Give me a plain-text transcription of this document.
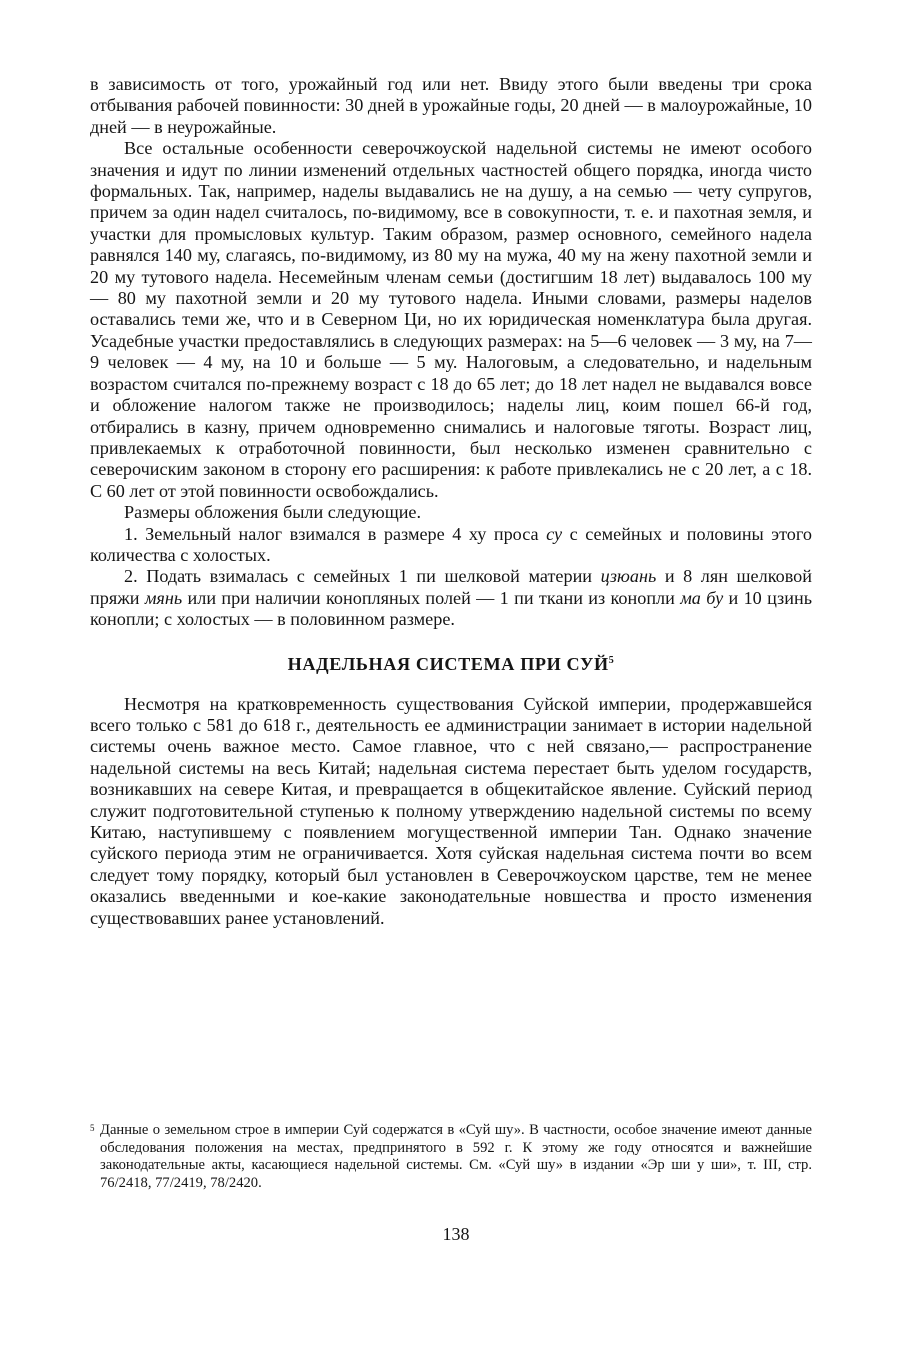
в зависимость от того, урожайный год или нет. Ввиду этого были введены три срока отбывания рабочей повинности: 30 дней в урожайные годы, 20 дней — в малоурожайные, 10 дней — в неурожайные.

Все остальные особенности северочжоуской надельной системы не имеют особого значения и идут по линии изменений отдельных частностей общего порядка, иногда чисто формальных. Так, например, наделы выдавались не на душу, а на семью — чету супругов, причем за один надел считалось, по-видимому, все в совокупности, т. е. и пахотная земля, и участки для промысловых культур. Таким образом, размер основного, семейного надела равнялся 140 му, слагаясь, по-видимому, из 80 му на мужа, 40 му на жену пахотной земли и 20 му тутового надела. Несемейным членам семьи (достигшим 18 лет) выдавалось 100 му — 80 му пахотной земли и 20 му тутового надела. Иными словами, размеры наделов оставались теми же, что и в Северном Ци, но их юридическая номенклатура была другая. Усадебные участки предоставлялись в следующих размерах: на 5—6 человек — 3 му, на 7—9 человек — 4 му, на 10 и больше — 5 му. Налоговым, а следовательно, и надельным возрастом считался по-прежнему возраст с 18 до 65 лет; до 18 лет надел не выдавался вовсе и обложение налогом также не производилось; наделы лиц, коим пошел 66-й год, отбирались в казну, причем одновременно снимались и налоговые тяготы. Возраст лиц, привлекаемых к отработочной повинности, был несколько изменен сравнительно с северочиским законом в сторону его расширения: к работе привлекались не с 20 лет, а с 18. С 60 лет от этой повинности освобождались.

Размеры обложения были следующие.

1. Земельный налог взимался в размере 4 ху проса су с семейных и половины этого количества с холостых.

2. Подать взималась с семейных 1 пи шелковой материи цзюань и 8 лян шелковой пряжи мянь или при наличии конопляных полей — 1 пи ткани из конопли ма бу и 10 цзинь конопли; с холостых — в половинном размере.

НАДЕЛЬНАЯ СИСТЕМА ПРИ СУЙ$^5$

Несмотря на кратковременность существования Суйской империи, продержавшейся всего только с 581 до 618 г., деятельность ее администрации занимает в истории надельной системы очень важное место. Самое главное, что с ней связано,— распространение надельной системы на весь Китай; надельная система перестает быть уделом государств, возникавших на севере Китая, и превращается в общекитайское явление. Суйский период служит подготовительной ступенью к полному утверждению надельной системы по всему Китаю, наступившему с появлением могущественной империи Тан. Однако значение суйского периода этим не ограничивается. Хотя суйская надельная система почти во всем следует тому порядку, который был установлен в Северочжоуском царстве, тем не менее оказались введенными и кое-какие законодательные новшества и просто изменения существовавших ранее установлений.

5 Данные о земельном строе в империи Суй содержатся в «Суй шу». В частности, особое значение имеют данные обследования положения на местах, предпринятого в 592 г. К этому же году относятся и важнейшие законодательные акты, касающиеся надельной системы. См. «Суй шу» в издании «Эр ши у ши», т. III, стр. 76/2418, 77/2419, 78/2420.
138
